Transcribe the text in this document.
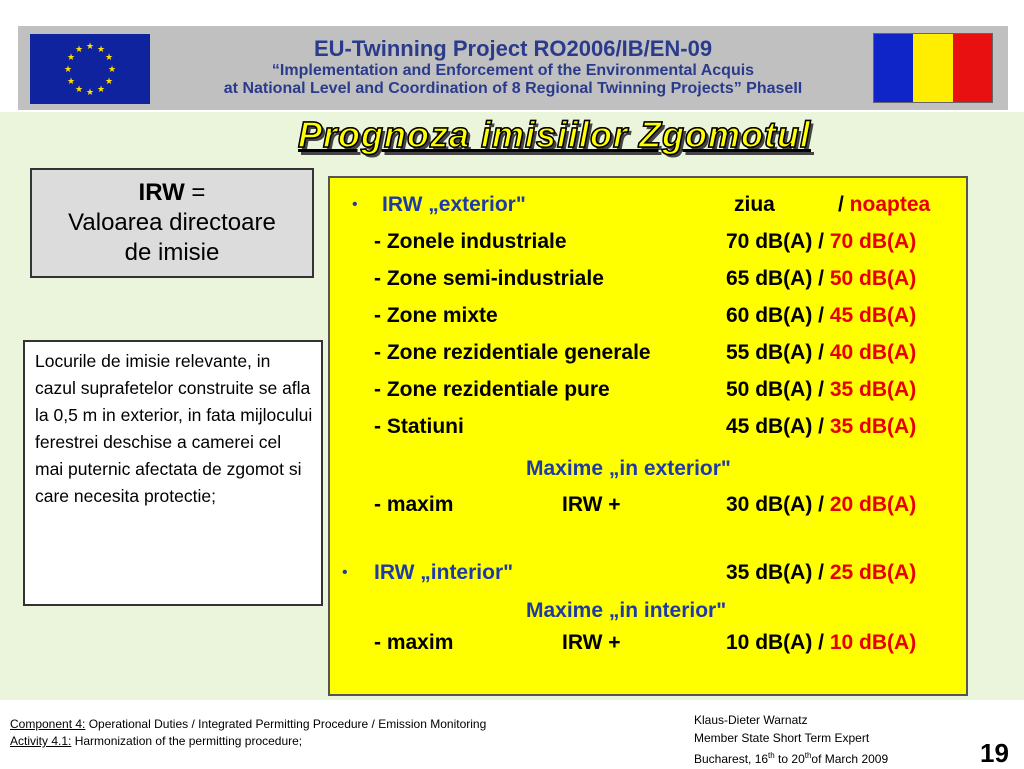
★ ★
★
★
★
★
★
★
★
★
★
★	EU-Twinning Project RO2006/IB/EN-09
“Implementation and Enforcement of the Environmental Acquis
at National Level and Coordination of 8 Regional Twinning Projects” PhaseII
Prognoza imisiilor Zgomotul
IRW =
Valoarea directoare
de imisie
Locurile de imisie relevante, in cazul suprafetelor construite se afla la 0,5 m in exterior, in fata mijlocului ferestrei deschise a camerei cel mai puternic afectata de zgomot si care necesita protectie;
• IRW „exterior"	ziua	/ noaptea
- Zonele industriale	70 dB(A) / 70 dB(A)
- Zone semi-industriale	65 dB(A) / 50 dB(A)
- Zone mixte	60 dB(A) / 45 dB(A)
- Zone rezidentiale generale	55 dB(A) / 40 dB(A)
- Zone rezidentiale pure	50 dB(A) / 35 dB(A)
- Statiuni	45 dB(A) / 35 dB(A)
Maxime „in exterior"
- maxim	IRW +	30 dB(A) / 20 dB(A)
• IRW „interior"	35 dB(A) / 25 dB(A)
Maxime „in interior"
- maxim	IRW +	10 dB(A) / 10 dB(A)
Component 4: Operational Duties / Integrated Permitting Procedure / Emission Monitoring
Activity 4.1: Harmonization of the permitting procedure;
Klaus-Dieter Warnatz
Member State Short Term Expert
Bucharest, 16th to 20thof March 2009	19
